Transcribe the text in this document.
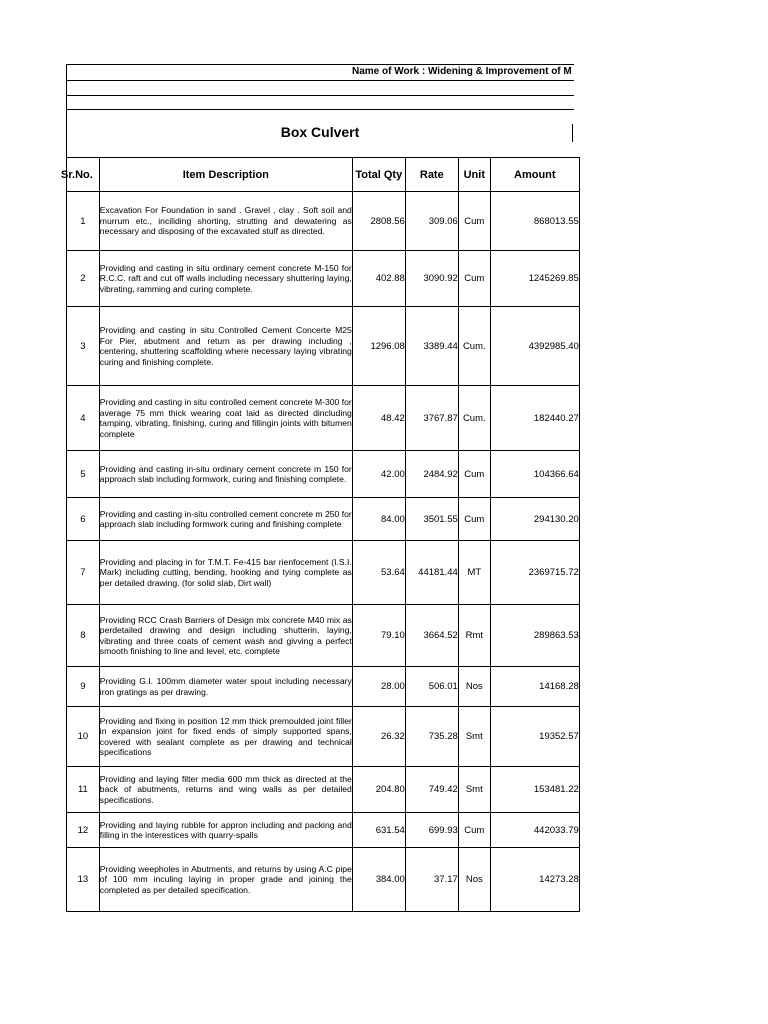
Name of Work : Widening & Improvement of M
Box Culvert
Sr.No.	Item Description	Total Qty	Rate	Unit	Amount
1	Excavation For Foundation in sand . Gravel , clay . Soft soil and murrum etc., inciliding shorting, strutting and dewatering as necessary and disposing of the excavated stulf as directed.	2808.56	309.06	Cum	868013.55
2	Providing and casting in situ ordinary cement concrete M-150 for R.C.C. raft and cut off walls including necessary shuttering laying, vibrating, ramming and curing complete.	402.88	3090.92	Cum	1245269.85
3	Providing and casting in situ Controlled Cement Concerte M25 For Pier, abutment and return as per drawing including , centering, shuttering scaffolding where necessary laying vibrating curing and finishing complete.	1296.08	3389.44	Cum.	4392985.40
4	Providing and casting in situ controlled cement concrete M-300 for average 75 mm thick wearing coat laid as directed dincluding tamping, vibrating, finishing, curing and fillingin joints with bitumen complete	48.42	3767.87	Cum.	182440.27
5	Providing and casting in-situ ordinary cement concrete m 150 for approach slab including formwork, curing and finishing complete.	42.00	2484.92	Cum	104366.64
6	Providing and casting in-situ controlled cement concrete m 250 for approach slab including formwork curing and finishing complete	84.00	3501.55	Cum	294130.20
7	Providing and placing in for T.M.T. Fe-415 bar rienfocement (I.S.I. Mark) including cutting, bending, hooking and tying complete as per detailed drawing. (for solid slab, Dirt wall)	53.64	44181.44	MT	2369715.72
8	Providing RCC Crash Barriers of Design mix concrete M40 mix as perdetailed drawing and design including shutterin, laying, vibrating and three coats of cement wash and givving a perfect smooth finishing to line and level, etc. complete	79.10	3664.52	Rmt	289863.53
9	Providing G.I. 100mm diameter water spout including necessary iron gratings as per drawing.	28.00	506.01	Nos	14168.28
10	Providing and fixing in position 12 mm thick premoulded joint filler in expansion joint for fixed ends of simply supported spans, covered with sealant complete as per drawing and technical specifications	26.32	735.28	Smt	19352.57
11	Providing and laying filter media 600 mm thick as directed at the back of abutments, returns and wing walls as per detailed specifications.	204.80	749.42	Smt	153481.22
12	Providing and laying rubble for appron including and packing and filling in the interestices with quarry-spalls	631.54	699.93	Cum	442033.79
13	Providing weepholes in Abutments, and returns by using A.C pipe of 100 mm inculing laying in proper grade and joining the completed as per detailed specification.	384.00	37.17	Nos	14273.28
